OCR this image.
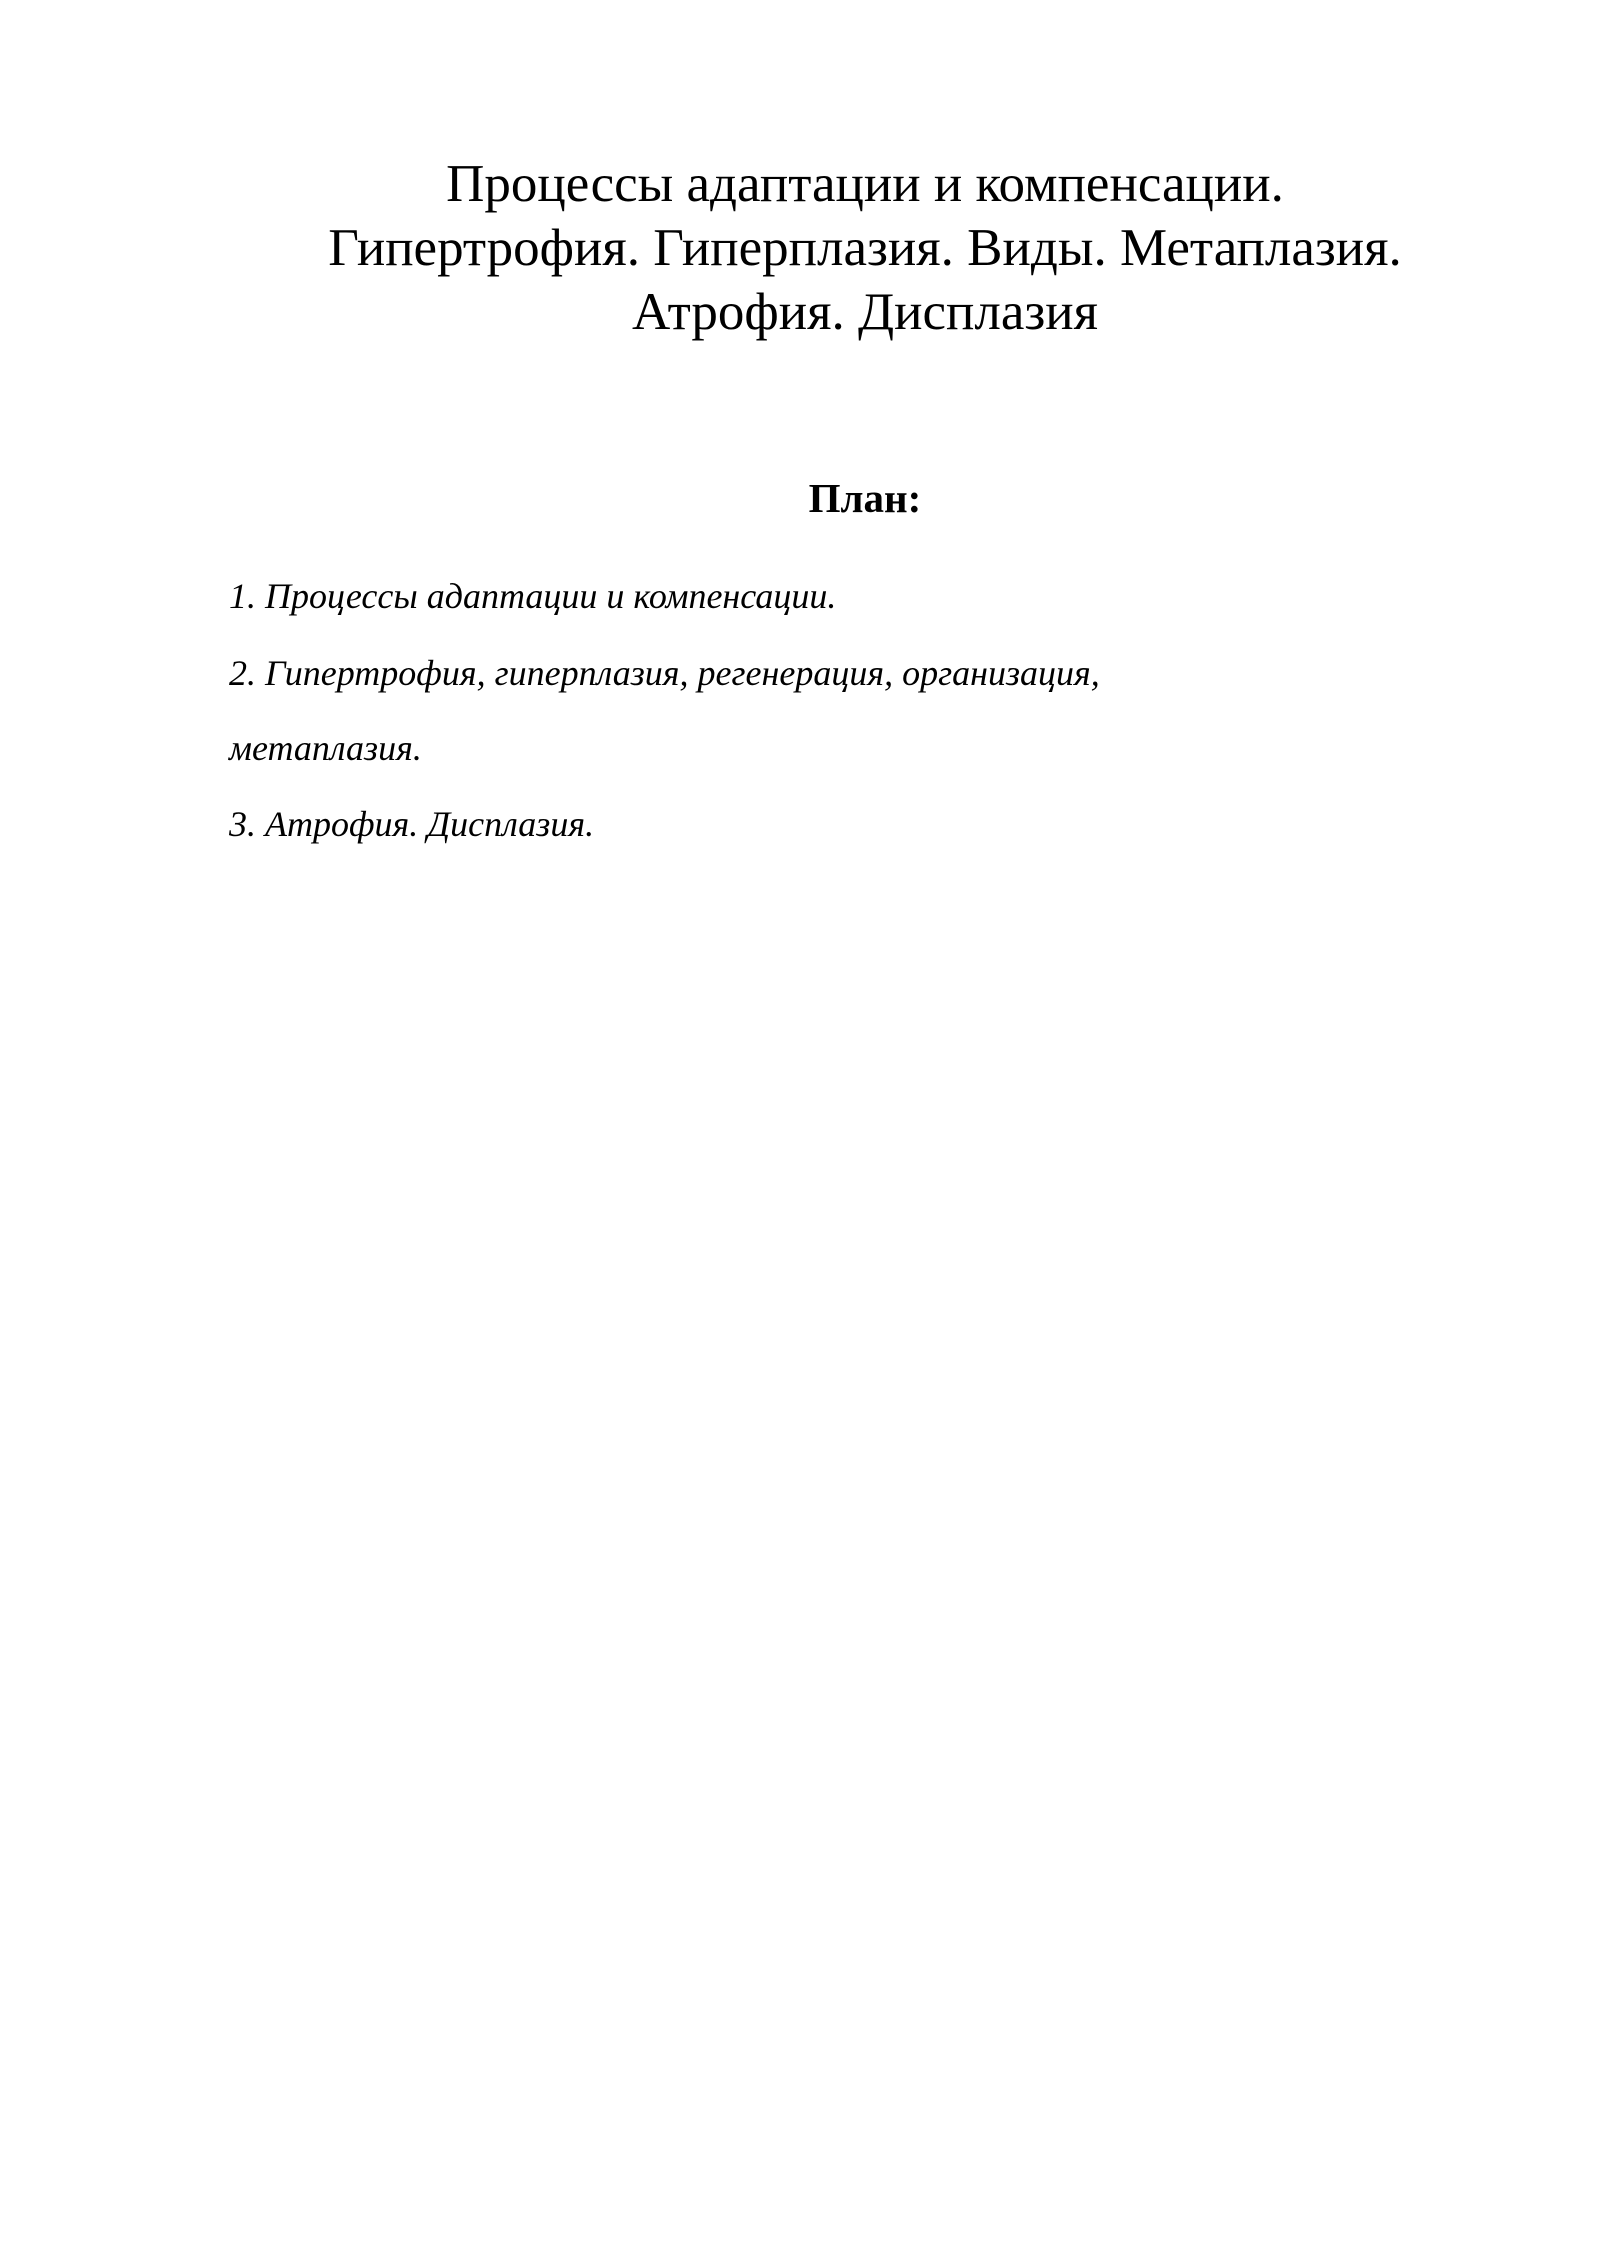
Процессы адаптации и компенсации.
Гипертрофия. Гиперплазия. Виды. Метаплазия.
Атрофия. Дисплазия
План:
1. Процессы адаптации и компенсации.
2. Гипертрофия, гиперплазия, регенерация, организация,
метаплазия.
3. Атрофия. Дисплазия.
